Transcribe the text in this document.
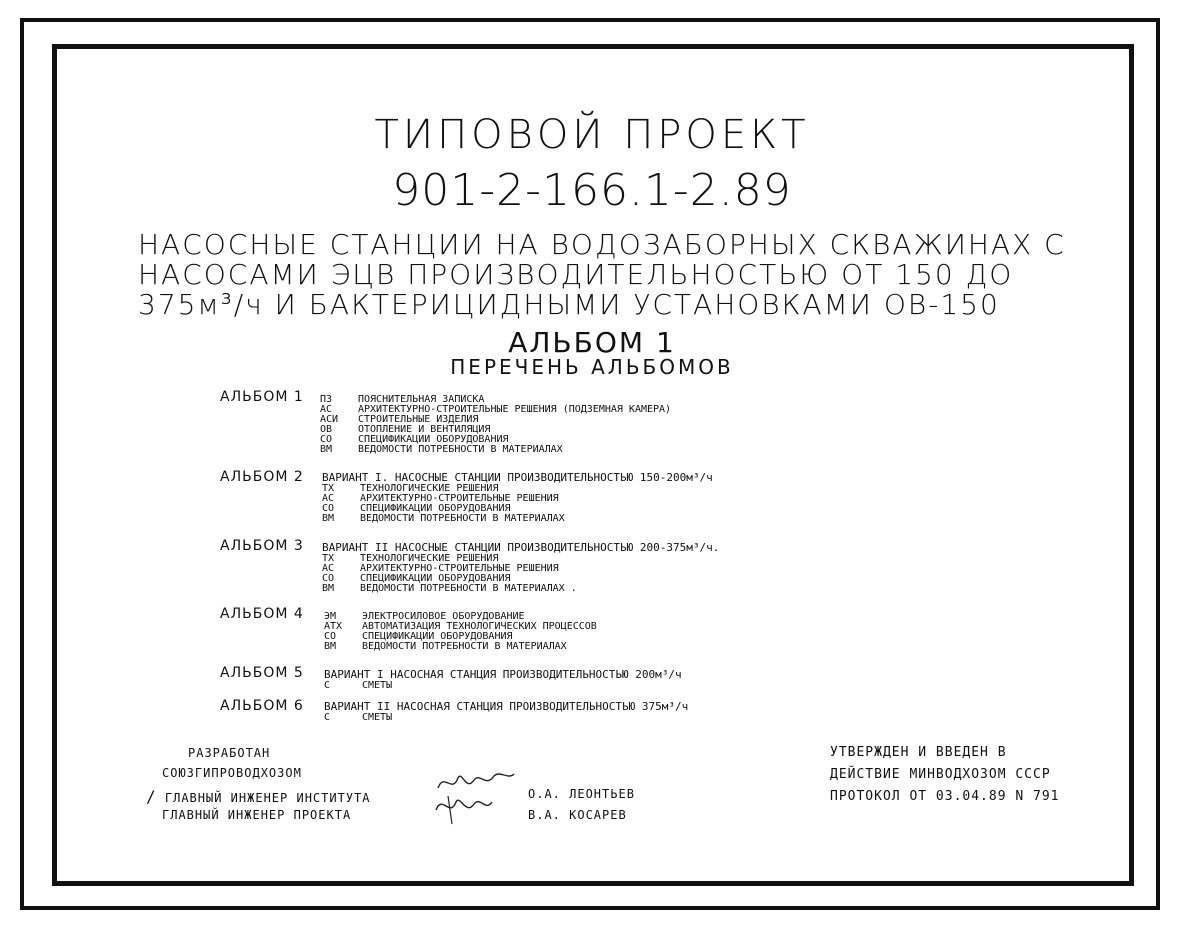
ТИПОВОЙ ПРОЕКТ
901-2-166.1-2.89
НАСОСНЫЕ СТАНЦИИ НА ВОДОЗАБОРНЫХ СКВАЖИНАХ С
НАСОСАМИ ЭЦВ ПРОИЗВОДИТЕЛЬНОСТЬЮ ОТ 150 ДО
375м³/ч И БАКТЕРИЦИДНЫМИ УСТАНОВКАМИ ОВ-150
АЛЬБОМ 1
ПЕРЕЧЕНЬ АЛЬБОМОВ
АЛЬБОМ 1 ПЗ	ПОЯСНИТЕЛЬНАЯ ЗАПИСКА
АС	АРХИТЕКТУРНО-СТРОИТЕЛЬНЫЕ РЕШЕНИЯ (ПОДЗЕМНАЯ КАМЕРА)
АСИ СТРОИТЕЛЬНЫЕ ИЗДЕЛИЯ
ОВ	ОТОПЛЕНИЕ И ВЕНТИЛЯЦИЯ
СО	СПЕЦИФИКАЦИИ ОБОРУДОВАНИЯ
ВМ	ВЕДОМОСТИ ПОТРЕБНОСТИ В МАТЕРИАЛАХ
АЛЬБОМ 2 ВАРИАНТ I. НАСОСНЫЕ СТАНЦИИ ПРОИЗВОДИТЕЛЬНОСТЬЮ 150-200м³/ч
ТХ	ТЕХНОЛОГИЧЕСКИЕ РЕШЕНИЯ
АС	АРХИТЕКТУРНО-СТРОИТЕЛЬНЫЕ РЕШЕНИЯ
СО	СПЕЦИФИКАЦИИ ОБОРУДОВАНИЯ
ВМ	ВЕДОМОСТИ ПОТРЕБНОСТИ В МАТЕРИАЛАХ
АЛЬБОМ 3 ВАРИАНТ II НАСОСНЫЕ СТАНЦИИ ПРОИЗВОДИТЕЛЬНОСТЬЮ 200-375м³/ч.
ТХ	ТЕХНОЛОГИЧЕСКИЕ РЕШЕНИЯ
АС	АРХИТЕКТУРНО-СТРОИТЕЛЬНЫЕ РЕШЕНИЯ
СО	СПЕЦИФИКАЦИИ ОБОРУДОВАНИЯ
ВМ	ВЕДОМОСТИ ПОТРЕБНОСТИ В МАТЕРИАЛАХ .
АЛЬБОМ 4 ЭМ	ЭЛЕКТРОСИЛОВОЕ ОБОРУДОВАНИЕ
АТХ АВТОМАТИЗАЦИЯ ТЕХНОЛОГИЧЕСКИХ ПРОЦЕССОВ
СО	СПЕЦИФИКАЦИИ ОБОРУДОВАНИЯ
ВМ	ВЕДОМОСТИ ПОТРЕБНОСТИ В МАТЕРИАЛАХ
АЛЬБОМ 5 ВАРИАНТ I НАСОСНАЯ СТАНЦИЯ ПРОИЗВОДИТЕЛЬНОСТЬЮ 200м³/ч
С	СМЕТЫ
АЛЬБОМ 6 ВАРИАНТ II НАСОСНАЯ СТАНЦИЯ ПРОИЗВОДИТЕЛЬНОСТЬЮ 375м³/ч
С	СМЕТЫ
РАЗРАБОТАН
СОЮЗГИПРОВОДХОЗОМ
/ ГЛАВНЫЙ ИНЖЕНЕР ИНСТИТУТА
ГЛАВНЫЙ ИНЖЕНЕР ПРОЕКТА
О.А. ЛЕОНТЬЕВ
В.А. КОСАРЕВ
УТВЕРЖДЕН И ВВЕДЕН В
ДЕЙСТВИЕ МИНВОДХОЗОМ СССР
ПРОТОКОЛ ОТ 03.04.89 N 791
